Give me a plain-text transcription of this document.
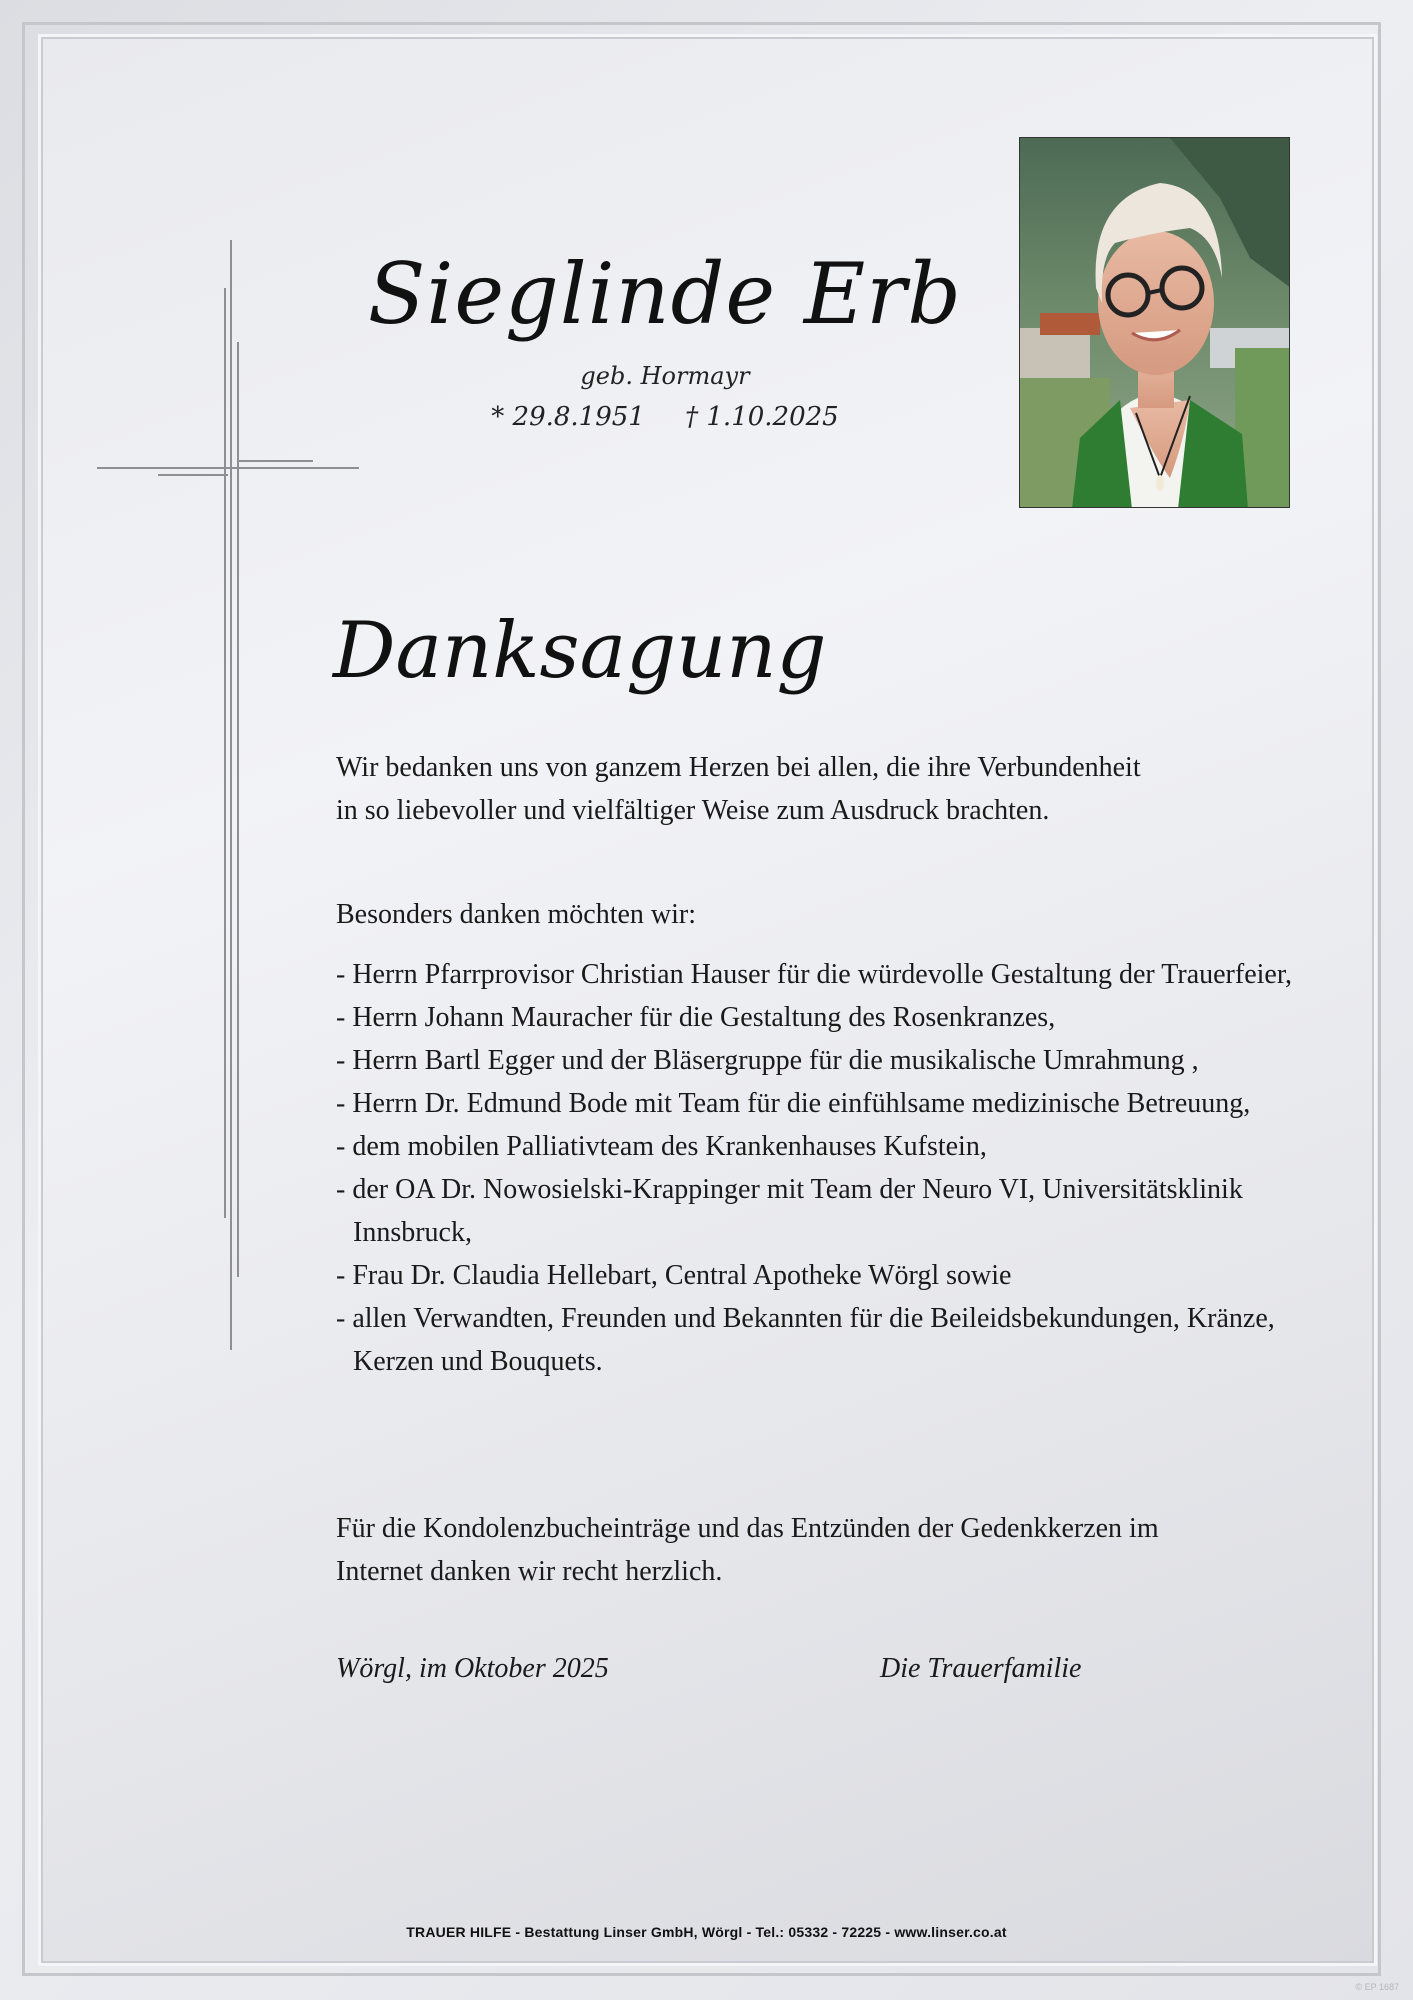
Sieglinde Erb
geb. Hormayr
* 29.8.1951 † 1.10.2025
Danksagung
Wir bedanken uns von ganzem Herzen bei allen, die ihre Verbundenheit
in so liebevoller und vielfältiger Weise zum Ausdruck brachten.
Besonders danken möchten wir:
- Herrn Pfarrprovisor Christian Hauser für die würdevolle Gestaltung der Trauerfeier,
- Herrn Johann Mauracher für die Gestaltung des Rosenkranzes,
- Herrn Bartl Egger und der Bläsergruppe für die musikalische Umrahmung ,
- Herrn Dr. Edmund Bode mit Team für die einfühlsame medizinische Betreuung,
- dem mobilen Palliativteam des Krankenhauses Kufstein,
- der OA Dr. Nowosielski-Krappinger mit Team der Neuro VI, Universitätsklinik Innsbruck,
- Frau Dr. Claudia Hellebart, Central Apotheke Wörgl sowie
- allen Verwandten, Freunden und Bekannten für die Beileidsbekundungen, Kränze, Kerzen und Bouquets.
Für die Kondolenzbucheinträge und das Entzünden der Gedenkkerzen im
Internet danken wir recht herzlich.
Wörgl, im Oktober 2025	Die Trauerfamilie
TRAUER HILFE - Bestattung Linser GmbH, Wörgl - Tel.: 05332 - 72225 - www.linser.co.at
© EP 1687
